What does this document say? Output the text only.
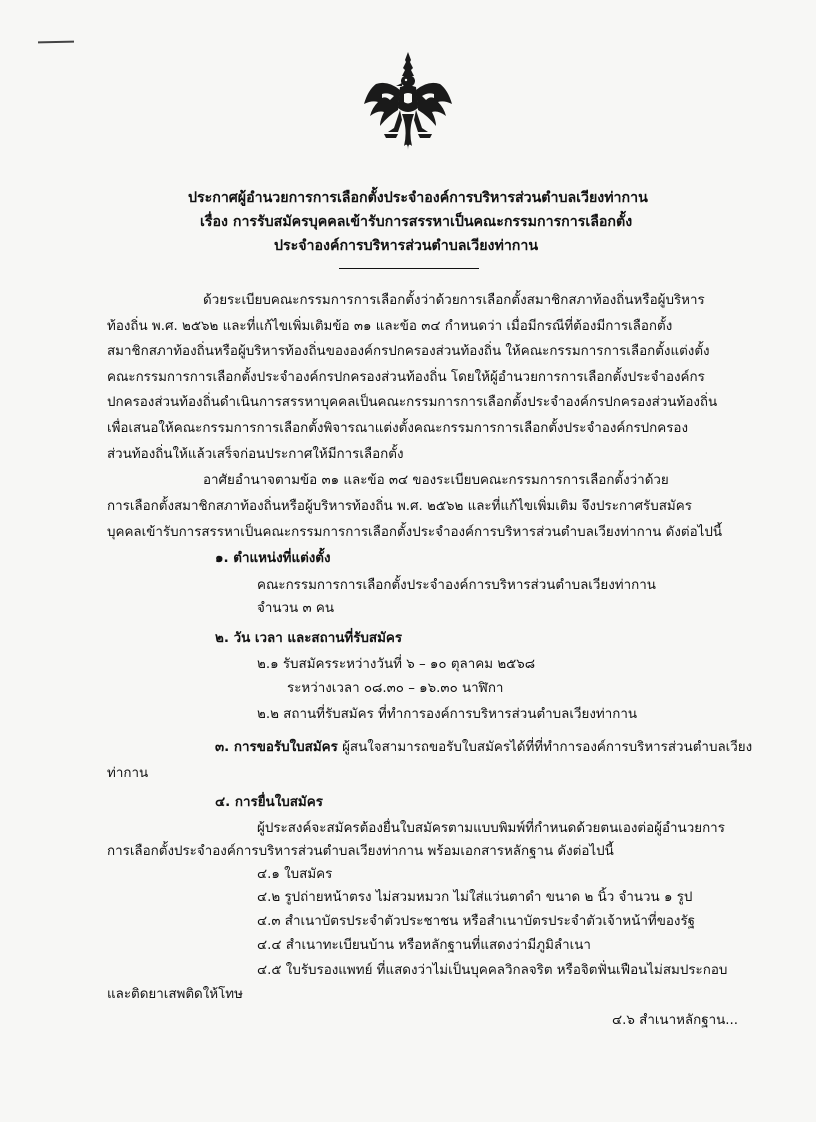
ประกาศผู้อำนวยการการเลือกตั้งประจำองค์การบริหารส่วนตำบลเวียงท่ากาน
เรื่อง การรับสมัครบุคคลเข้ารับการสรรหาเป็นคณะกรรมการการเลือกตั้ง
ประจำองค์การบริหารส่วนตำบลเวียงท่ากาน
ด้วยระเบียบคณะกรรมการการเลือกตั้งว่าด้วยการเลือกตั้งสมาชิกสภาท้องถิ่นหรือผู้บริหาร
ท้องถิ่น พ.ศ. ๒๕๖๒ และที่แก้ไขเพิ่มเติมข้อ ๓๑ และข้อ ๓๔ กำหนดว่า เมื่อมีกรณีที่ต้องมีการเลือกตั้ง
สมาชิกสภาท้องถิ่นหรือผู้บริหารท้องถิ่นขององค์กรปกครองส่วนท้องถิ่น ให้คณะกรรมการการเลือกตั้งแต่งตั้ง
คณะกรรมการการเลือกตั้งประจำองค์กรปกครองส่วนท้องถิ่น โดยให้ผู้อำนวยการการเลือกตั้งประจำองค์กร
ปกครองส่วนท้องถิ่นดำเนินการสรรหาบุคคลเป็นคณะกรรมการการเลือกตั้งประจำองค์กรปกครองส่วนท้องถิ่น
เพื่อเสนอให้คณะกรรมการการเลือกตั้งพิจารณาแต่งตั้งคณะกรรมการการเลือกตั้งประจำองค์กรปกครอง
ส่วนท้องถิ่นให้แล้วเสร็จก่อนประกาศให้มีการเลือกตั้ง
อาศัยอำนาจตามข้อ ๓๑ และข้อ ๓๔ ของระเบียบคณะกรรมการการเลือกตั้งว่าด้วย
การเลือกตั้งสมาชิกสภาท้องถิ่นหรือผู้บริหารท้องถิ่น พ.ศ. ๒๕๖๒ และที่แก้ไขเพิ่มเติม จึงประกาศรับสมัคร
บุคคลเข้ารับการสรรหาเป็นคณะกรรมการการเลือกตั้งประจำองค์การบริหารส่วนตำบลเวียงท่ากาน ดังต่อไปนี้
๑. ตำแหน่งที่แต่งตั้ง
คณะกรรมการการเลือกตั้งประจำองค์การบริหารส่วนตำบลเวียงท่ากาน
จำนวน ๓ คน
๒. วัน เวลา และสถานที่รับสมัคร
๒.๑ รับสมัครระหว่างวันที่ ๖ – ๑๐ ตุลาคม ๒๕๖๘
ระหว่างเวลา ๐๘.๓๐ – ๑๖.๓๐ นาฬิกา
๒.๒ สถานที่รับสมัคร ที่ทำการองค์การบริหารส่วนตำบลเวียงท่ากาน
๓. การขอรับใบสมัคร ผู้สนใจสามารถขอรับใบสมัครได้ที่ที่ทำการองค์การบริหารส่วนตำบลเวียง
ท่ากาน
๔. การยื่นใบสมัคร
ผู้ประสงค์จะสมัครต้องยื่นใบสมัครตามแบบพิมพ์ที่กำหนดด้วยตนเองต่อผู้อำนวยการ
การเลือกตั้งประจำองค์การบริหารส่วนตำบลเวียงท่ากาน พร้อมเอกสารหลักฐาน ดังต่อไปนี้
๔.๑ ใบสมัคร
๔.๒ รูปถ่ายหน้าตรง ไม่สวมหมวก ไม่ใส่แว่นตาดำ ขนาด ๒ นิ้ว จำนวน ๑ รูป
๔.๓ สำเนาบัตรประจำตัวประชาชน หรือสำเนาบัตรประจำตัวเจ้าหน้าที่ของรัฐ
๔.๔ สำเนาทะเบียนบ้าน หรือหลักฐานที่แสดงว่ามีภูมิลำเนา
๔.๕ ใบรับรองแพทย์ ที่แสดงว่าไม่เป็นบุคคลวิกลจริต หรือจิตฟั่นเฟือนไม่สมประกอบ
และติดยาเสพติดให้โทษ
๔.๖ สำเนาหลักฐาน...
